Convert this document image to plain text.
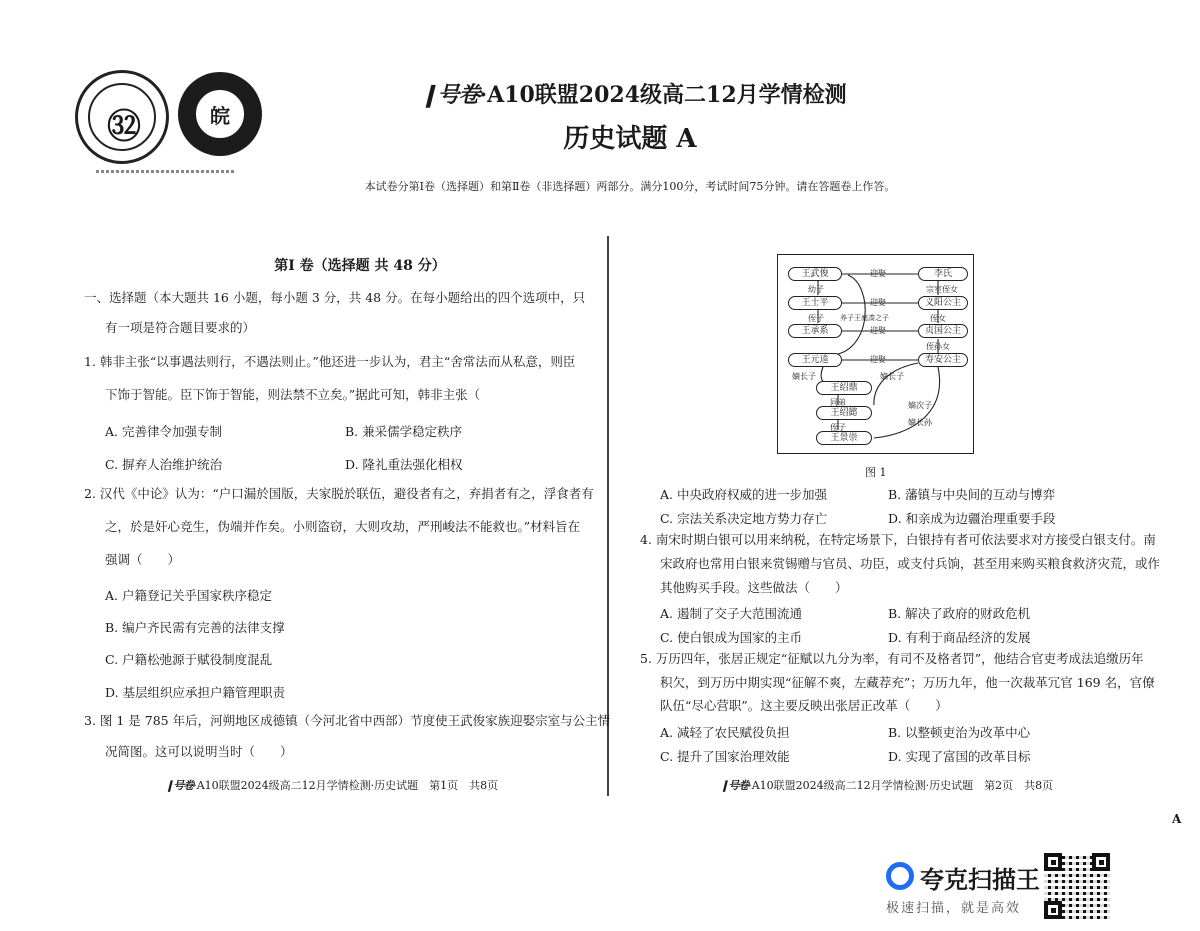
㉜	皖
❙号卷·A10联盟2024级高二12月学情检测
历史试题 A
本试卷分第Ⅰ卷（选择题）和第Ⅱ卷（非选择题）两部分。满分100分，考试时间75分钟。请在答题卷上作答。
第Ⅰ 卷（选择题 共 48 分）
一、选择题（本大题共 16 小题，每小题 3 分，共 48 分。在每小题给出的四个选项中，只
有一项是符合题目要求的）
1. 韩非主张“以事遇法则行，不遇法则止。”他还进一步认为，君主“舍常法而从私意，则臣
下饰于智能。臣下饰于智能，则法禁不立矣。”据此可知，韩非主张（
A. 完善律令加强专制	B. 兼采儒学稳定秩序
C. 摒弃人治维护统治	D. 隆礼重法强化相权
2. 汉代《中论》认为：“户口漏於国版，夫家脱於联伍，避役者有之，弃捐者有之，浮食者有
之，於是奸心竞生，伪端并作矣。小则盗窃，大则攻劫，严刑峻法不能救也。”材料旨在
强调（　　）
A. 户籍登记关乎国家秩序稳定
B. 编户齐民需有完善的法律支撑
C. 户籍松弛源于赋役制度混乱
D. 基层组织应承担户籍管理职责
3. 图 1 是 785 年后，河朔地区成德镇（今河北省中西部）节度使王武俊家族迎娶宗室与公主情
况简图。这可以说明当时（　　）
❙号卷·A10联盟2024级高二12月学情检测·历史试题　第1页　共8页
王武俊
王士平
王承系
王元逵
王绍鼎
王绍懿
王景崇
李氏
义阳公主
贞国公主
寿安公主
迎娶
迎娶
迎娶
迎娶
幼子
侄子 养子王庭凑之子
宗室侄女
侄女
侄孙女
嫡长子	嫡长子
同弟	嫡次子
侄子
嫡长孙
图 1
A. 中央政府权威的进一步加强	B. 藩镇与中央间的互动与博弈
C. 宗法关系决定地方势力存亡	D. 和亲成为边疆治理重要手段
4. 南宋时期白银可以用来纳税，在特定场景下，白银持有者可依法要求对方接受白银支付。南
宋政府也常用白银来赏锡赠与官员、功臣，或支付兵饷，甚至用来购买粮食救济灾荒，或作
其他购买手段。这些做法（　　）
A. 遏制了交子大范围流通	B. 解决了政府的财政危机
C. 使白银成为国家的主币	D. 有利于商品经济的发展
5. 万历四年，张居正规定“征赋以九分为率，有司不及格者罚”，他结合官吏考成法追缴历年
积欠，到万历中期实现“征解不爽，左藏荐充”；万历九年，他一次裁革冗官 169 名，官僚
队伍“尽心营职”。这主要反映出张居正改革（　　）
A. 减轻了农民赋役负担	B. 以整顿吏治为改革中心
C. 提升了国家治理效能	D. 实现了富国的改革目标
❙号卷·A10联盟2024级高二12月学情检测·历史试题　第2页　共8页
A
夸克扫描王
极速扫描，就是高效
